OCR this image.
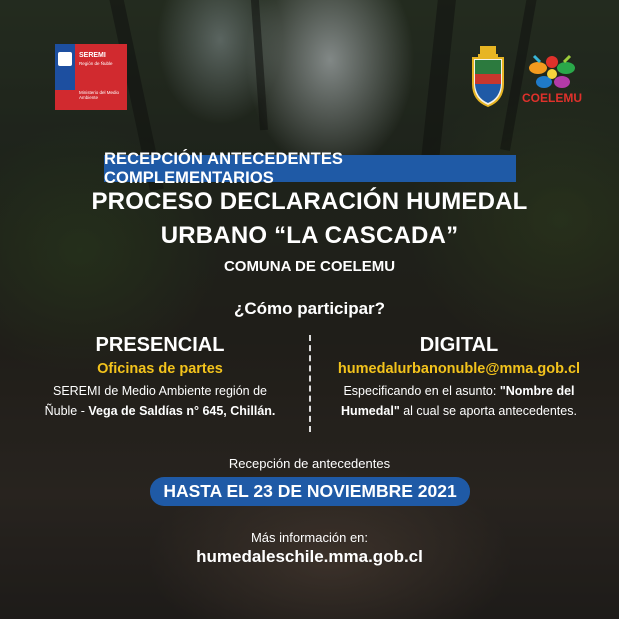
SEREMI
Región de Ñuble
Ministerio del Medio Ambiente	COELEMU
RECEPCIÓN ANTECEDENTES COMPLEMENTARIOS
PROCESO DECLARACIÓN HUMEDAL
URBANO “LA CASCADA”
COMUNA DE COELEMU
¿Cómo participar?
PRESENCIAL
Oficinas de partes
SEREMI de Medio Ambiente región de
Ñuble - Vega de Saldías n° 645, Chillán.
DIGITAL
humedalurbanonuble@mma.gob.cl
Especificando en el asunto: "Nombre del
Humedal" al cual se aporta antecedentes.
Recepción de antecedentes
HASTA EL 23 DE NOVIEMBRE 2021
Más información en:
humedaleschile.mma.gob.cl
